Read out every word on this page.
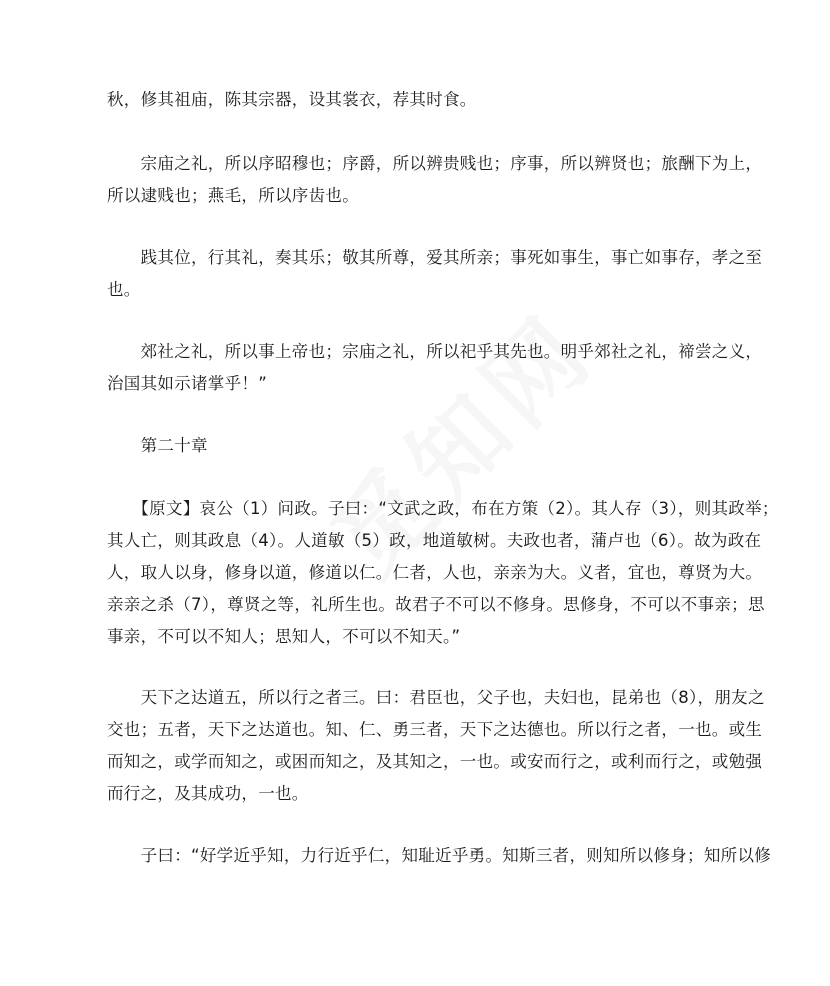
秋，修其祖庙，陈其宗器，设其裳衣，荐其时食。

　　宗庙之礼，所以序昭穆也；序爵，所以辨贵贱也；序事，所以辨贤也；旅酬下为上，
所以逮贱也；燕毛，所以序齿也。

　　践其位，行其礼，奏其乐；敬其所尊，爱其所亲；事死如事生，事亡如事存，孝之至
也。

　　郊社之礼，所以事上帝也；宗庙之礼，所以祀乎其先也。明乎郊社之礼，禘尝之义，
治国其如示诸掌乎！”

　　第二十章

　　【原文】哀公（1）问政。子曰：“文武之政，布在方策（2）。其人存（3），则其政举；
其人亡，则其政息（4）。人道敏（5）政，地道敏树。夫政也者，蒲卢也（6）。故为政在
人，取人以身，修身以道，修道以仁。仁者，人也，亲亲为大。义者，宜也，尊贤为大。
亲亲之杀（7），尊贤之等，礼所生也。故君子不可以不修身。思修身，不可以不事亲；思
事亲，不可以不知人；思知人，不可以不知天。”

　　天下之达道五，所以行之者三。曰：君臣也，父子也，夫妇也，昆弟也（8），朋友之
交也；五者，天下之达道也。知、仁、勇三者，天下之达德也。所以行之者，一也。或生
而知之，或学而知之，或困而知之，及其知之，一也。或安而行之，或利而行之，或勉强
而行之，及其成功，一也。

　　子曰：“好学近乎知，力行近乎仁，知耻近乎勇。知斯三者，则知所以修身；知所以修
